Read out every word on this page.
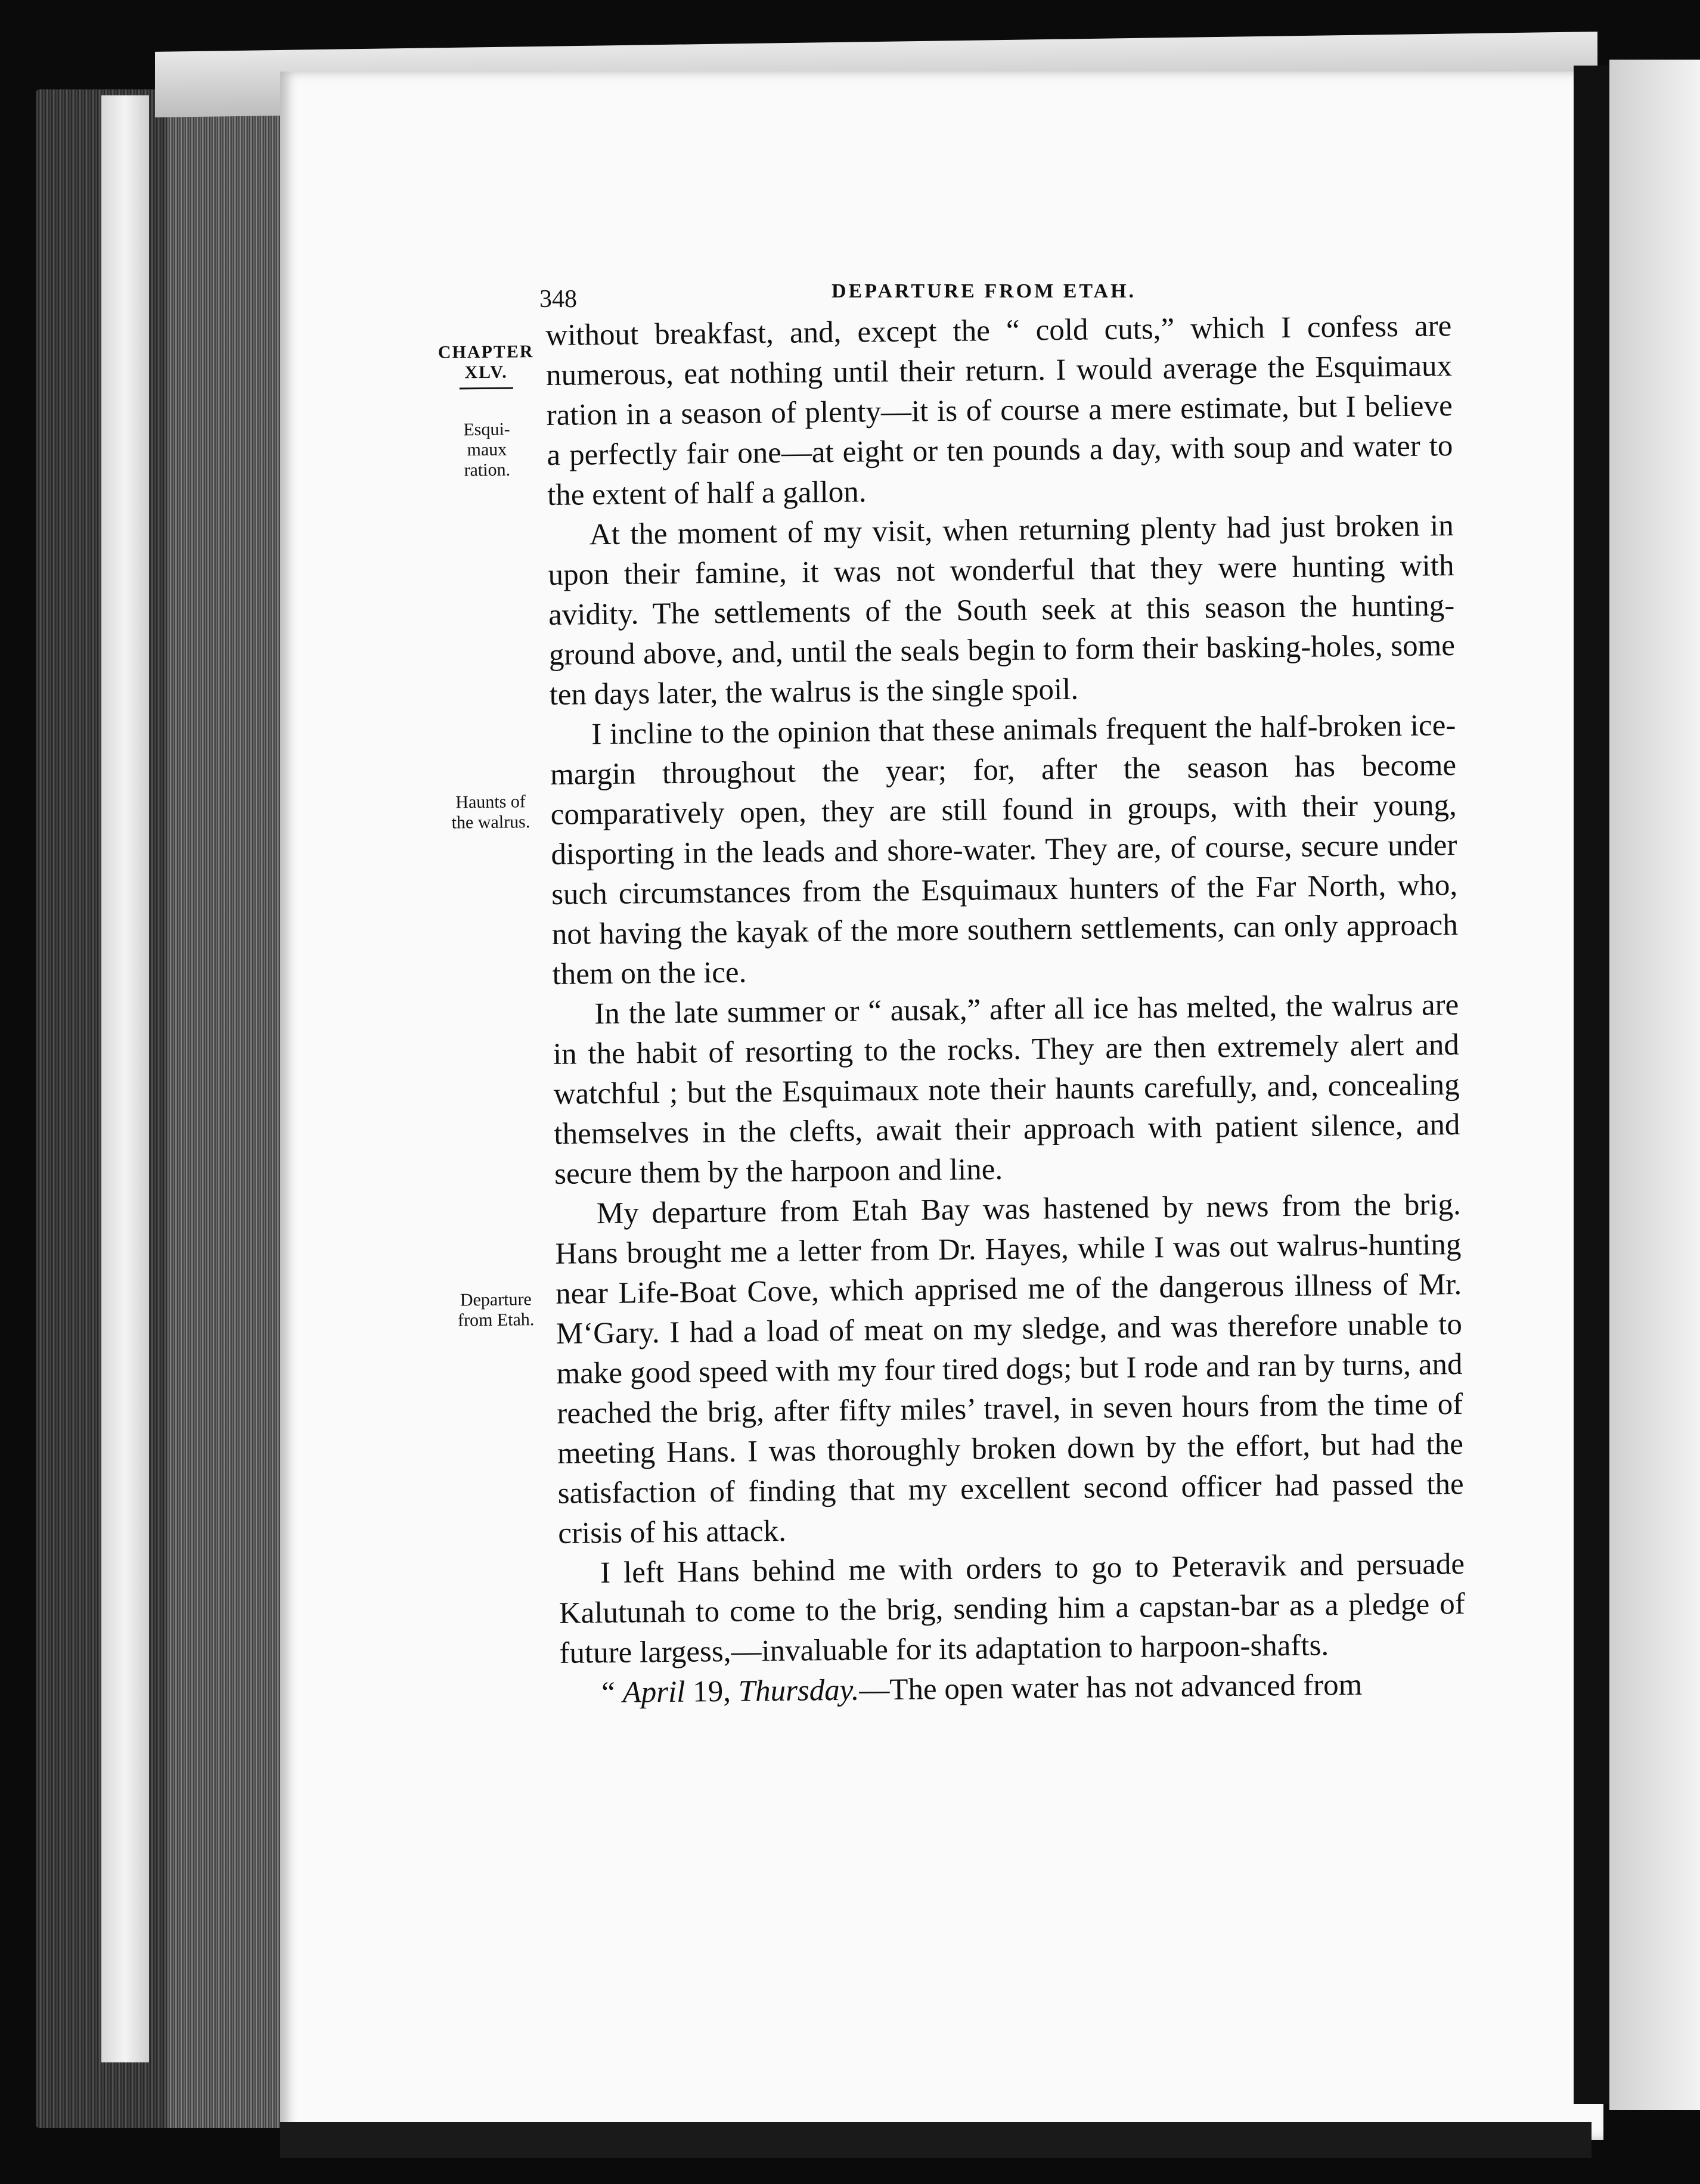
348	DEPARTURE FROM ETAH.
CHAPTER
XLV.
Esqui-
maux
ration.
Haunts of
the walrus.
Departure
from Etah.

without breakfast, and, except the “ cold cuts,” which I confess are numerous, eat nothing until their return. I would average the Esquimaux ration in a season of plenty—it is of course a mere estimate, but I believe a perfectly fair one—at eight or ten pounds a day, with soup and water to the extent of half a gallon.

At the moment of my visit, when returning plenty had just broken in upon their famine, it was not wonderful that they were hunting with avidity. The settlements of the South seek at this season the hunting-ground above, and, until the seals begin to form their basking-holes, some ten days later, the walrus is the single spoil.

I incline to the opinion that these animals frequent the half-broken ice-margin throughout the year; for, after the season has become comparatively open, they are still found in groups, with their young, disporting in the leads and shore-water. They are, of course, secure under such circumstances from the Esquimaux hunters of the Far North, who, not having the kayak of the more southern settlements, can only approach them on the ice.

In the late summer or “ ausak,” after all ice has melted, the walrus are in the habit of resorting to the rocks. They are then extremely alert and watchful ; but the Esquimaux note their haunts carefully, and, concealing themselves in the clefts, await their approach with patient silence, and secure them by the harpoon and line.

My departure from Etah Bay was hastened by news from the brig. Hans brought me a letter from Dr. Hayes, while I was out walrus-hunting near Life-Boat Cove, which apprised me of the dangerous illness of Mr. M‘Gary. I had a load of meat on my sledge, and was therefore unable to make good speed with my four tired dogs; but I rode and ran by turns, and reached the brig, after fifty miles’ travel, in seven hours from the time of meeting Hans. I was thoroughly broken down by the effort, but had the satisfaction of finding that my excellent second officer had passed the crisis of his attack.

I left Hans behind me with orders to go to Peteravik and persuade Kalutunah to come to the brig, sending him a capstan-bar as a pledge of future largess,—invaluable for its adaptation to harpoon-shafts.

“ April 19, Thursday.—The open water has not advanced from
